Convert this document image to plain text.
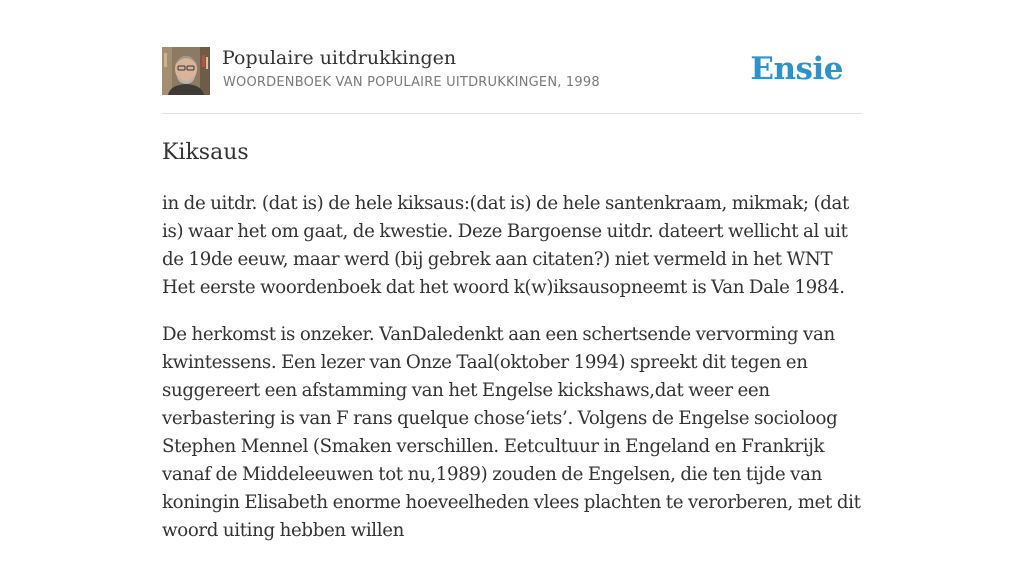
Populaire uitdrukkingen
WOORDENBOEK VAN POPULAIRE UITDRUKKINGEN, 1998	Ensie
Kiksaus

in de uitdr. (dat is) de hele kiksaus:(dat is) de hele santenkraam, mikmak; (dat is) waar het om gaat, de kwestie. Deze Bargoense uitdr. dateert wellicht al uit de 19de eeuw, maar werd (bij gebrek aan citaten?) niet vermeld in het WNT Het eerste woordenboek dat het woord k(w)iksausopneemt is Van Dale 1984.

De herkomst is onzeker. VanDaledenkt aan een schertsende vervorming van kwintessens. Een lezer van Onze Taal(oktober 1994) spreekt dit tegen en suggereert een afstamming van het Engelse kickshaws,dat weer een verbastering is van F rans quelque chose‘iets’. Volgens de Engelse socioloog Stephen Mennel (Smaken verschillen. Eetcultuur in Engeland en Frankrijk vanaf de Middeleeuwen tot nu,1989) zouden de Engelsen, die ten tijde van koningin Elisabeth enorme hoeveelheden vlees plachten te verorberen, met dit woord uiting hebben willen
